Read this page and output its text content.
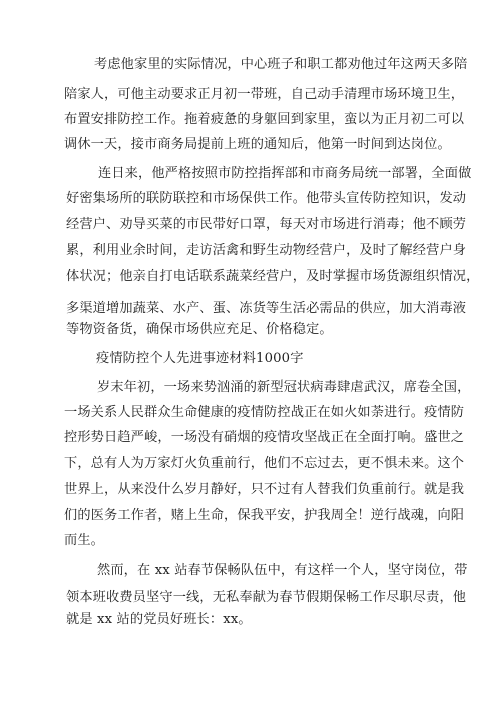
考虑他家里的实际情况，中心班子和职工都劝他过年这两天多陪
陪家人，可他主动要求正月初一带班，自己动手清理市场环境卫生，
布置安排防控工作。拖着疲惫的身躯回到家里，蛮以为正月初二可以
调休一天，接市商务局提前上班的通知后，他第一时间到达岗位。
连日来，他严格按照市防控指挥部和市商务局统一部署，全面做
好密集场所的联防联控和市场保供工作。他带头宣传防控知识，发动
经营户、劝导买菜的市民带好口罩，每天对市场进行消毒；他不顾劳
累，利用业余时间，走访活禽和野生动物经营户，及时了解经营户身
体状况；他亲自打电话联系蔬菜经营户，及时掌握市场货源组织情况，
多渠道增加蔬菜、水产、蛋、冻货等生活必需品的供应，加大消毒液
等物资备货，确保市场供应充足、价格稳定。
疫情防控个人先进事迹材料1000字
岁末年初，一场来势汹涌的新型冠状病毒肆虐武汉，席卷全国，
一场关系人民群众生命健康的疫情防控战正在如火如荼进行。疫情防
控形势日趋严峻，一场没有硝烟的疫情攻坚战正在全面打响。盛世之
下，总有人为万家灯火负重前行，他们不忘过去，更不惧未来。这个
世界上，从来没什么岁月静好，只不过有人替我们负重前行。就是我
们的医务工作者，赌上生命，保我平安，护我周全！逆行战魂，向阳
而生。
然而，在 xx 站春节保畅队伍中，有这样一个人，坚守岗位，带
领本班收费员坚守一线，无私奉献为春节假期保畅工作尽职尽责，他
就是 xx 站的党员好班长：xx。
